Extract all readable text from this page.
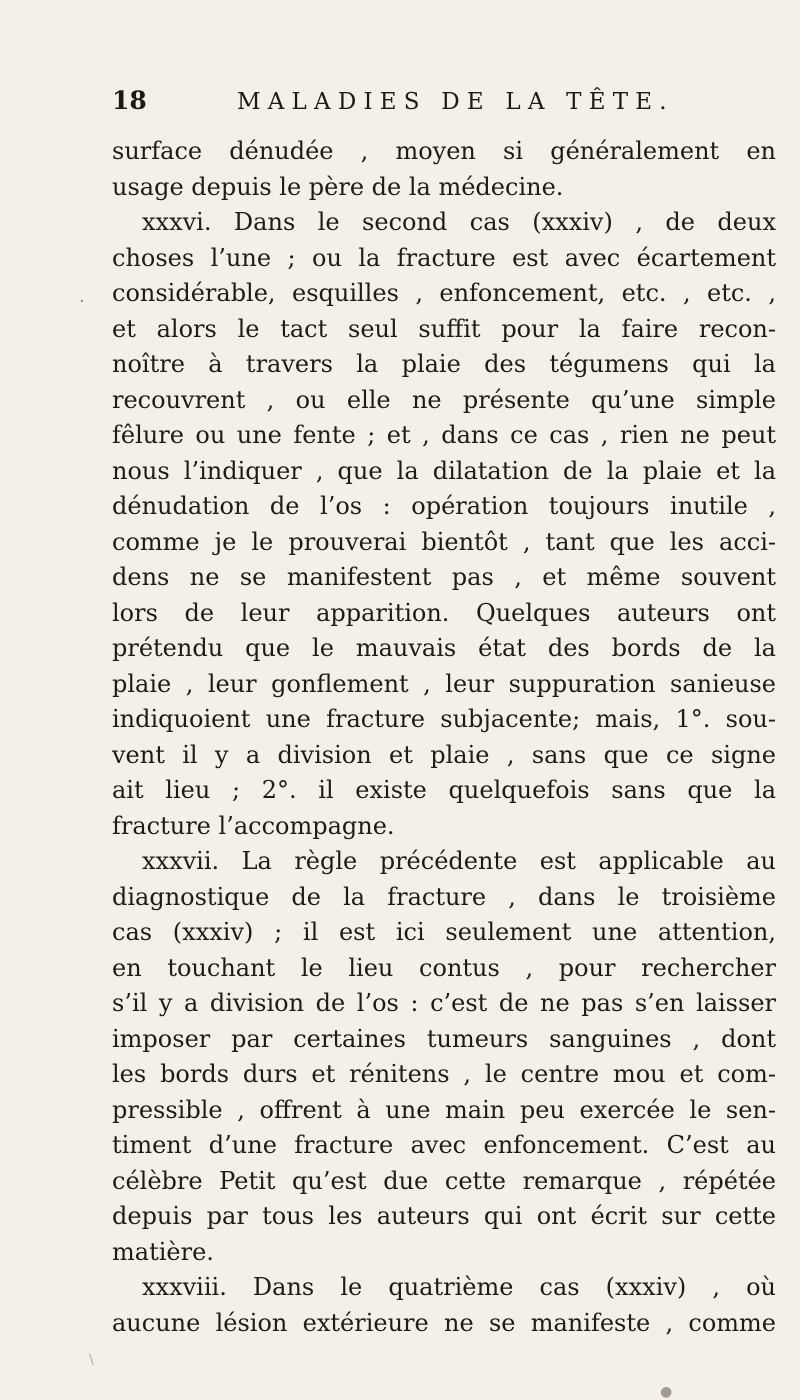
18	MALADIES DE LA TÊTE.
surface dénudée , moyen si généralement en
usage depuis le père de la médecine.
xxxvi. Dans le second cas (xxxiv) , de deux
choses l’une ; ou la fracture est avec écartement
considérable, esquilles , enfoncement, etc. , etc. ,
et alors le tact seul suffit pour la faire recon-
noître à travers la plaie des tégumens qui la
recouvrent , ou elle ne présente qu’une simple
fêlure ou une fente ; et , dans ce cas , rien ne peut
nous l’indiquer , que la dilatation de la plaie et la
dénudation de l’os : opération toujours inutile ,
comme je le prouverai bientôt , tant que les acci-
dens ne se manifestent pas , et même souvent
lors de leur apparition. Quelques auteurs ont
prétendu que le mauvais état des bords de la
plaie , leur gonflement , leur suppuration sanieuse
indiquoient une fracture subjacente; mais, 1°. sou-
vent il y a division et plaie , sans que ce signe
ait lieu ; 2°. il existe quelquefois sans que la
fracture l’accompagne.
xxxvii. La règle précédente est applicable au
diagnostique de la fracture , dans le troisième
cas (xxxiv) ; il est ici seulement une attention,
en touchant le lieu contus , pour rechercher
s’il y a division de l’os : c’est de ne pas s’en laisser
imposer par certaines tumeurs sanguines , dont
les bords durs et rénitens , le centre mou et com-
pressible , offrent à une main peu exercée le sen-
timent d’une fracture avec enfoncement. C’est au
célèbre Petit qu’est due cette remarque , répétée
depuis par tous les auteurs qui ont écrit sur cette
matière.
xxxviii. Dans le quatrième cas (xxxiv) , où
aucune lésion extérieure ne se manifeste , comme
·
\
●
